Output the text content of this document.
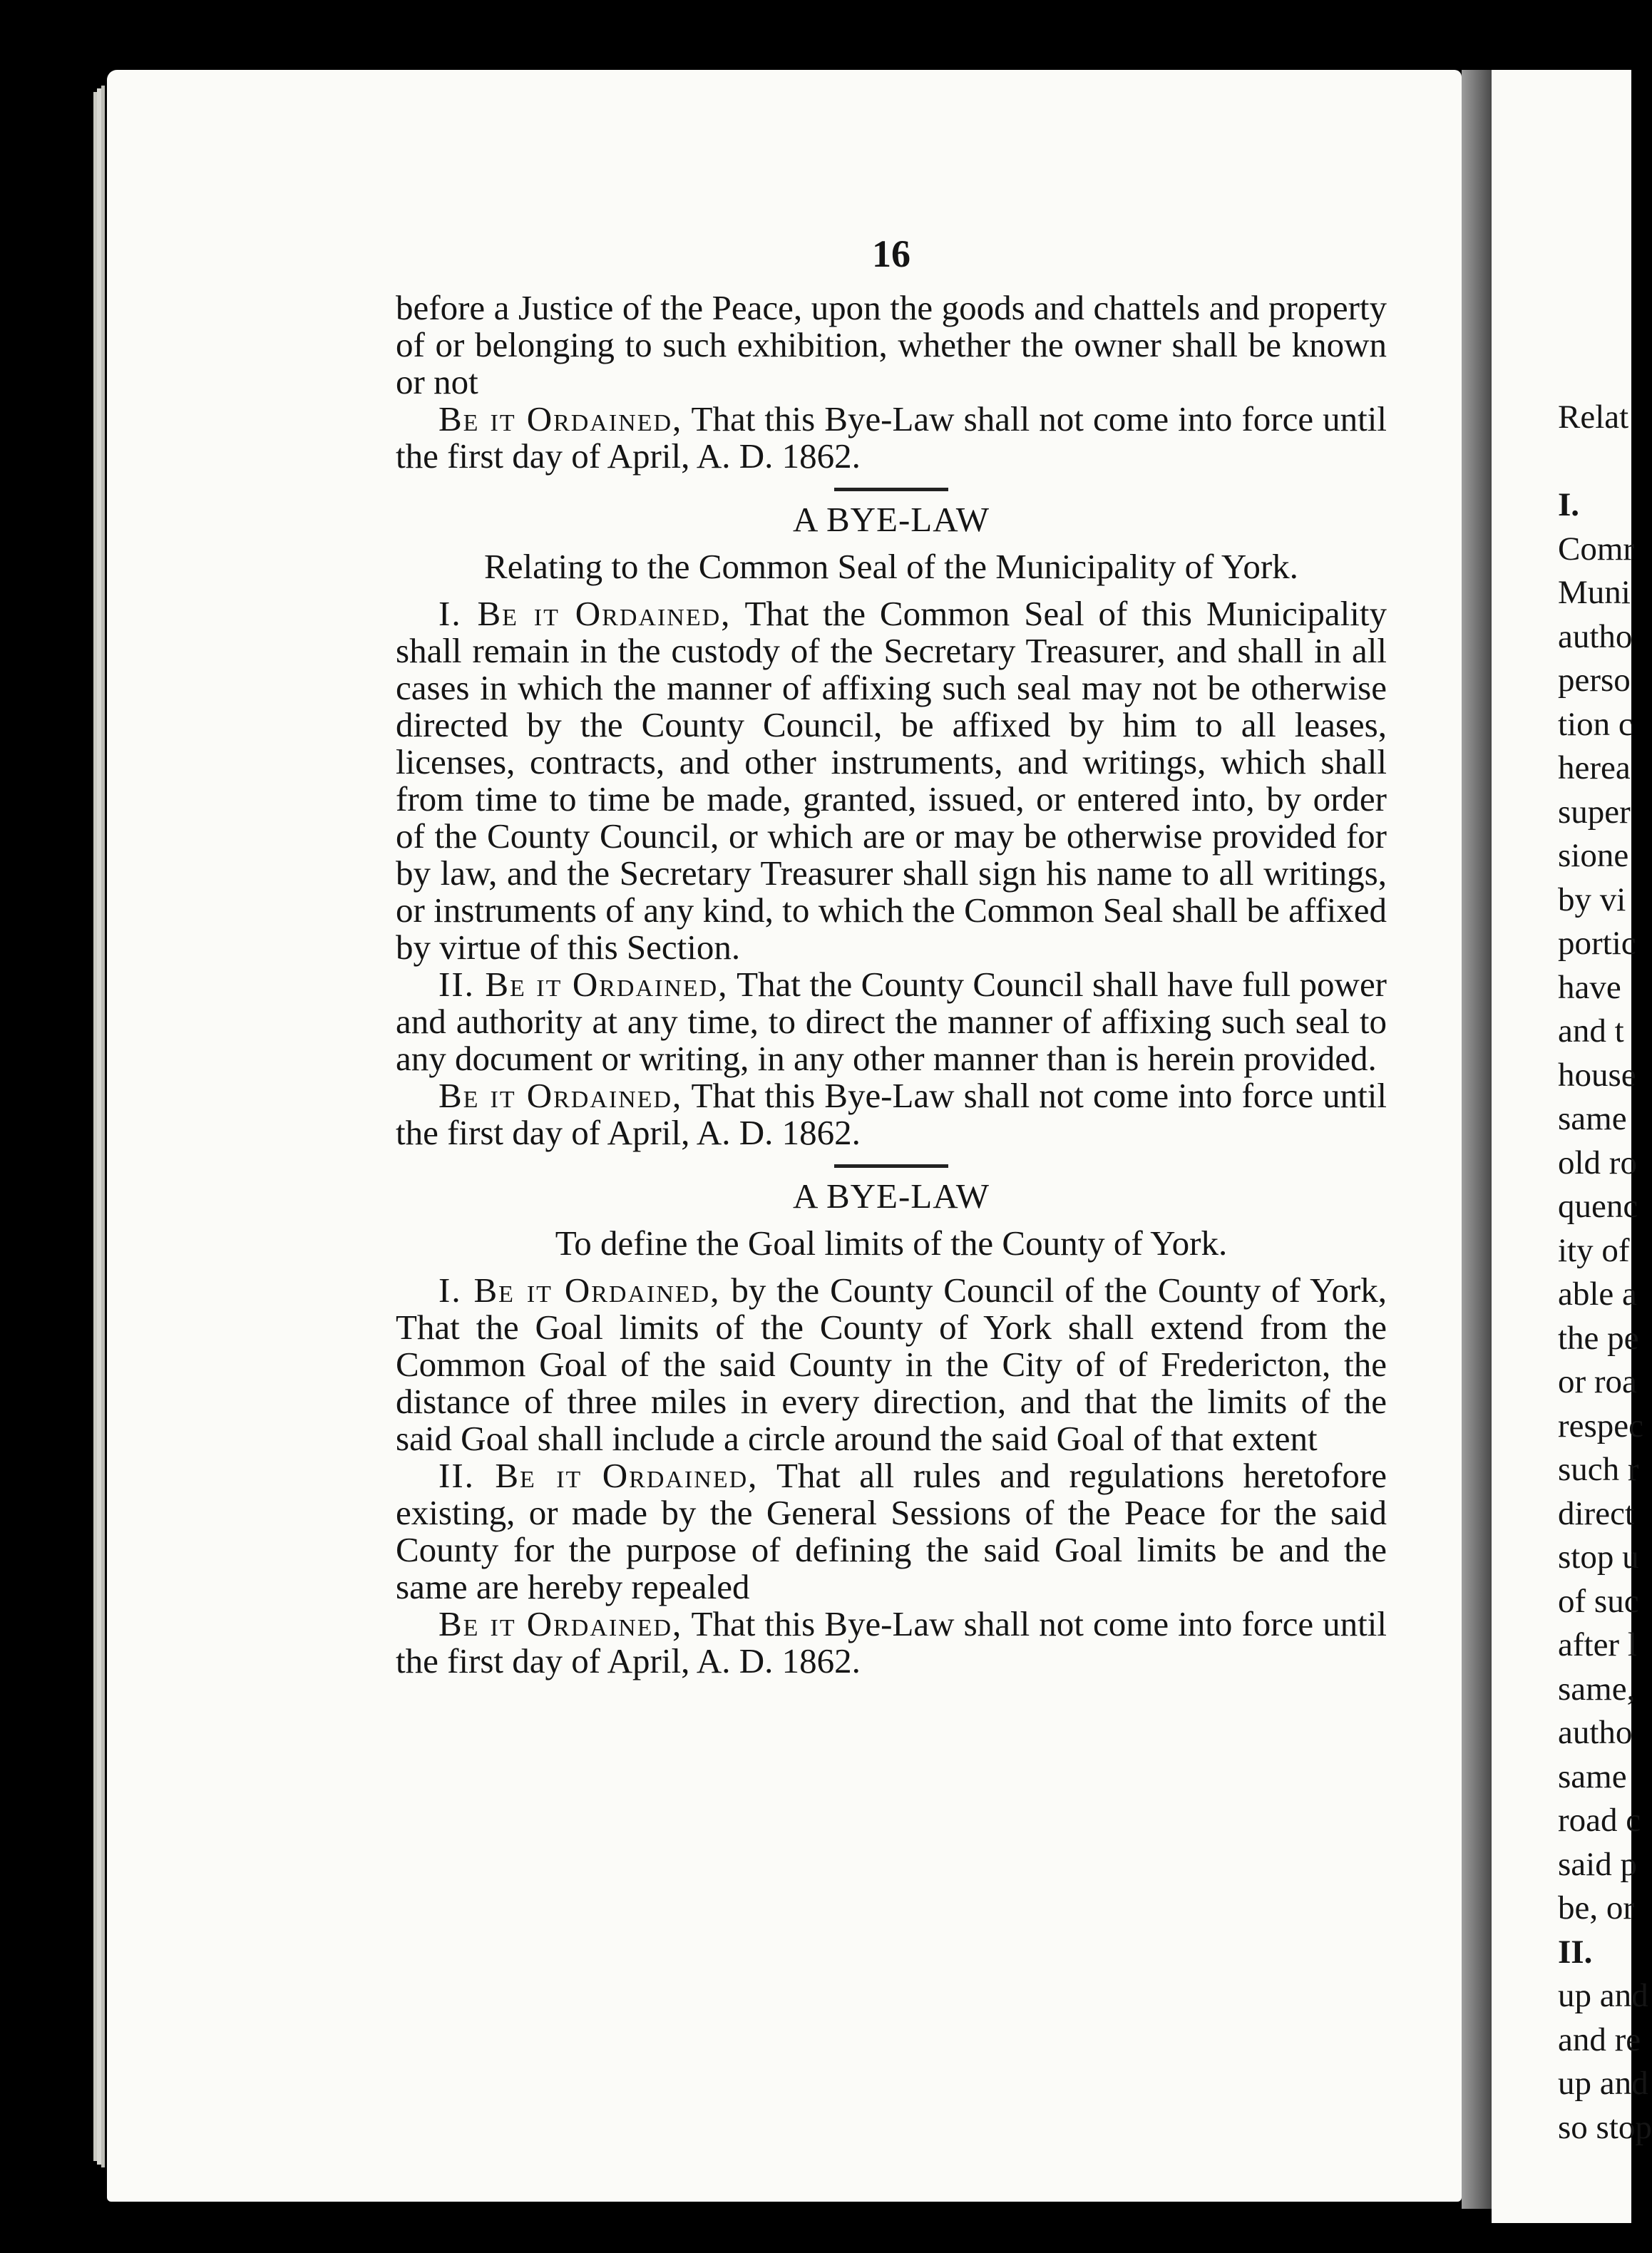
16

before a Justice of the Peace, upon the goods and chattels and property of or belonging to such exhibition, whether the owner shall be known or not

Be it Ordained, That this Bye-Law shall not come into force until the first day of April, A. D. 1862.

A BYE-LAW
Relating to the Common Seal of the Municipality of York.

I. Be it Ordained, That the Common Seal of this Municipality shall remain in the custody of the Secretary Treasurer, and shall in all cases in which the manner of affixing such seal may not be otherwise directed by the County Council, be affixed by him to all leases, licenses, contracts, and other instruments, and writings, which shall from time to time be made, granted, issued, or entered into, by order of the County Council, or which are or may be otherwise provided for by law, and the Secretary Treasurer shall sign his name to all writings, or instruments of any kind, to which the Common Seal shall be affixed by virtue of this Section.

II. Be it Ordained, That the County Council shall have full power and authority at any time, to direct the manner of affixing such seal to any document or writing, in any other manner than is herein provided.

Be it Ordained, That this Bye-Law shall not come into force until the first day of April, A. D. 1862.

A BYE-LAW
To define the Goal limits of the County of York.

I. Be it Ordained, by the County Council of the County of York, That the Goal limits of the County of York shall extend from the Common Goal of the said County in the City of of Fredericton, the distance of three miles in every direction, and that the limits of the said Goal shall include a circle around the said Goal of that extent

II. Be it Ordained, That all rules and regulations heretofore existing, or made by the General Sessions of the Peace for the said County for the purpose of defining the said Goal limits be and the same are hereby repealed

Be it Ordained, That this Bye-Law shall not come into force until the first day of April, A. D. 1862.

Relat
I.
Comr
Muni
autho
perso
tion c
hereа
super
sione
by vi
portic
have
and t
house
same
old ro
quenc
ity of
able a
the pe
or roa
respec
such r
direct
stop u
of suc
after l
same,
autho
same
road c
said p
be, or
II.
up and
and re
up and
so stop
